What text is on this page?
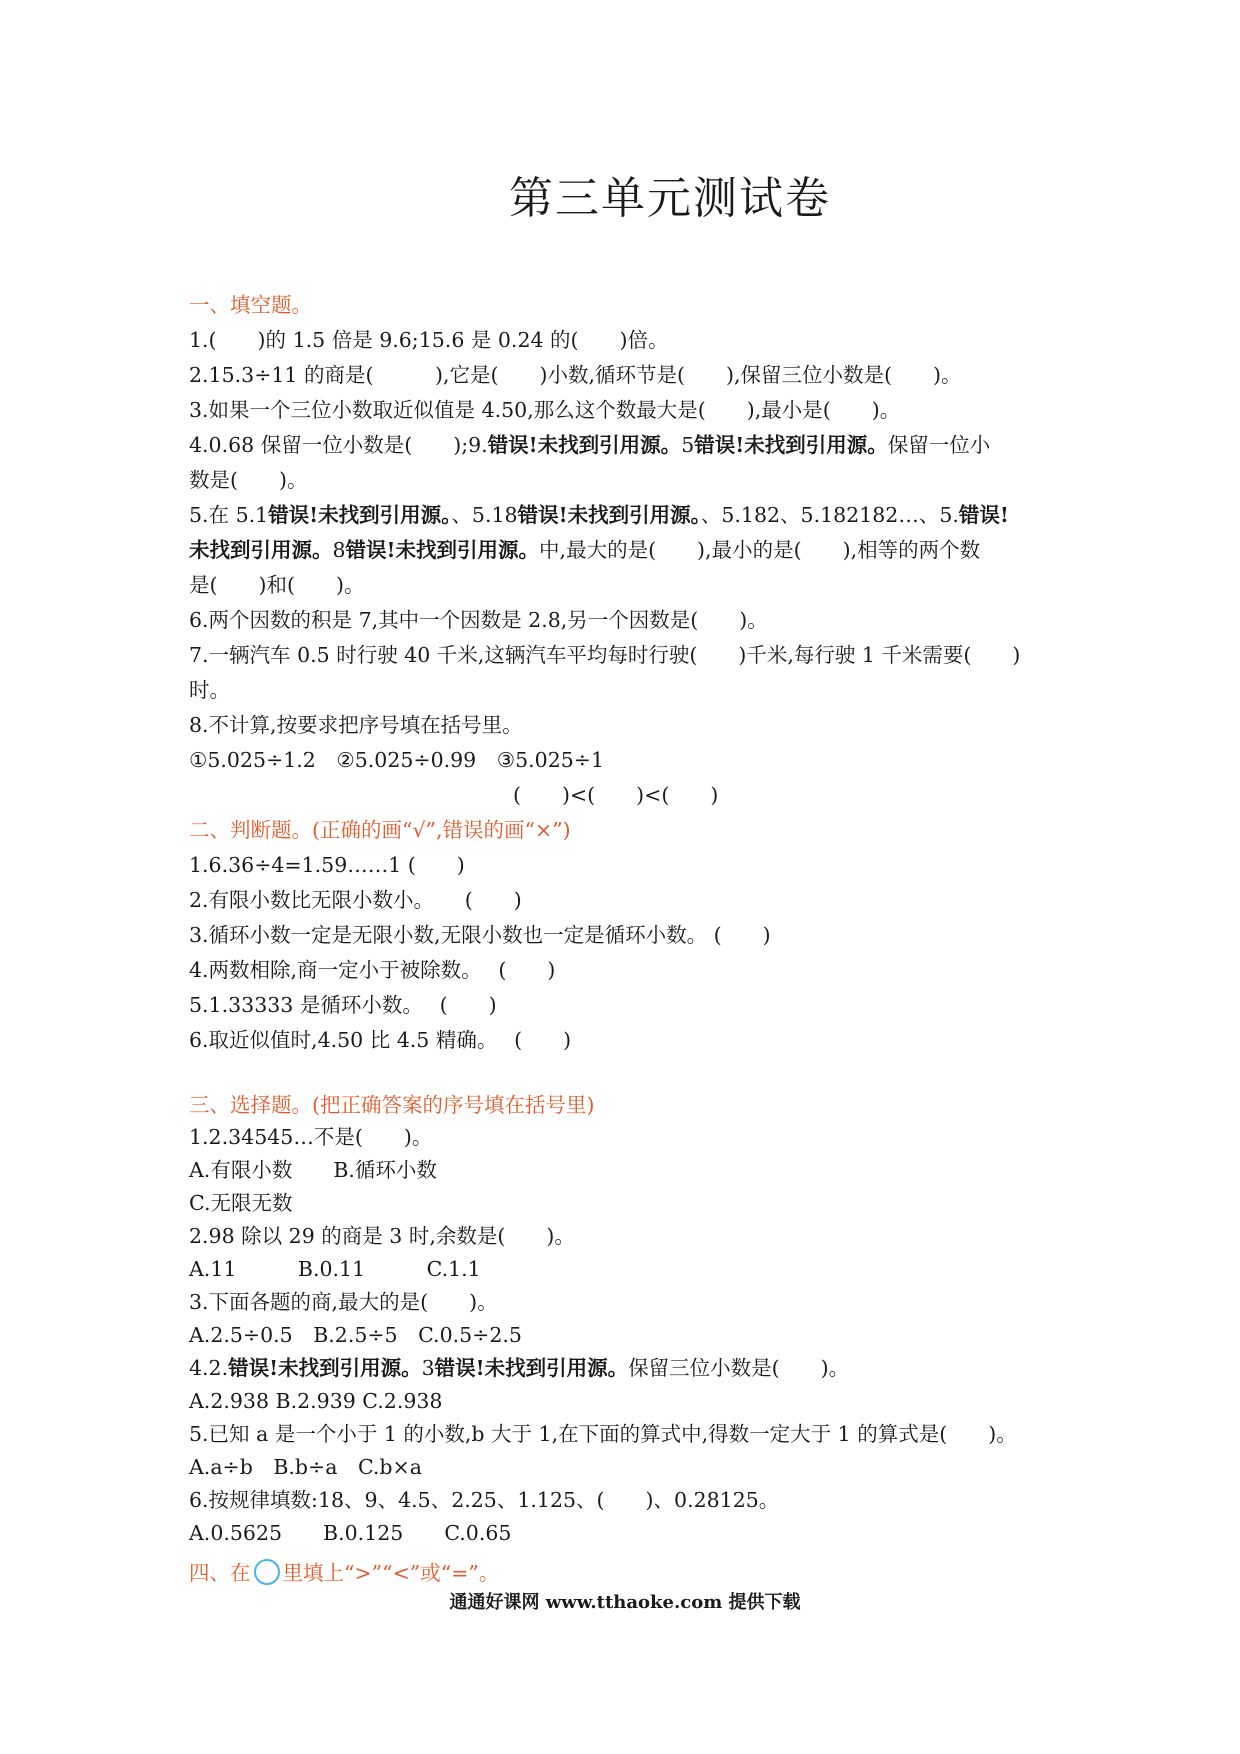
第三单元测试卷
一、填空题。
1.(　　)的 1.5 倍是 9.6;15.6 是 0.24 的(　　)倍。
2.15.3÷11 的商是(　　　),它是(　　)小数,循环节是(　　),保留三位小数是(　　)。
3.如果一个三位小数取近似值是 4.50,那么这个数最大是(　　),最小是(　　)。
4.0.68 保留一位小数是(　　);9.错误!未找到引用源。5错误!未找到引用源。保留一位小
数是(　　)。
5.在 5.1错误!未找到引用源。、5.18错误!未找到引用源。、5.182、5.182182…、5.错误!
未找到引用源。8错误!未找到引用源。中,最大的是(　　),最小的是(　　),相等的两个数
是(　　)和(　　)。
6.两个因数的积是 7,其中一个因数是 2.8,另一个因数是(　　)。
7.一辆汽车 0.5 时行驶 40 千米,这辆汽车平均每时行驶(　　)千米,每行驶 1 千米需要(　　)
时。
8.不计算,按要求把序号填在括号里。
①5.025÷1.2　②5.025÷0.99　③5.025÷1
(　　)<(　　)<(　　)
二、判断题。(正确的画“√”,错误的画“×”)
1.6.36÷4=1.59……1 (　　)
2.有限小数比无限小数小。　　(　　)
3.循环小数一定是无限小数,无限小数也一定是循环小数。 (　　)
4.两数相除,商一定小于被除数。　 (　　)
5.1.33333 是循环小数。　 (　　)
6.取近似值时,4.50 比 4.5 精确。　 (　　)
三、选择题。(把正确答案的序号填在括号里)
1.2.34545…不是(　　)。
A.有限小数　　B.循环小数
C.无限无数
2.98 除以 29 的商是 3 时,余数是(　　)。
A.11　　　B.0.11　　　C.1.1
3.下面各题的商,最大的是(　　)。
A.2.5÷0.5　B.2.5÷5　C.0.5÷2.5
4.2.错误!未找到引用源。3错误!未找到引用源。保留三位小数是(　　)。
A.2.938 B.2.939 C.2.938
5.已知 a 是一个小于 1 的小数,b 大于 1,在下面的算式中,得数一定大于 1 的算式是(　　)。
A.a÷b　B.b÷a　C.b×a
6.按规律填数:18、9、4.5、2.25、1.125、(　　)、0.28125。
A.0.5625　　B.0.125　　C.0.65
四、在 里填上“>”“<”或“=”。
通通好课网 www.tthaoke.com 提供下载
